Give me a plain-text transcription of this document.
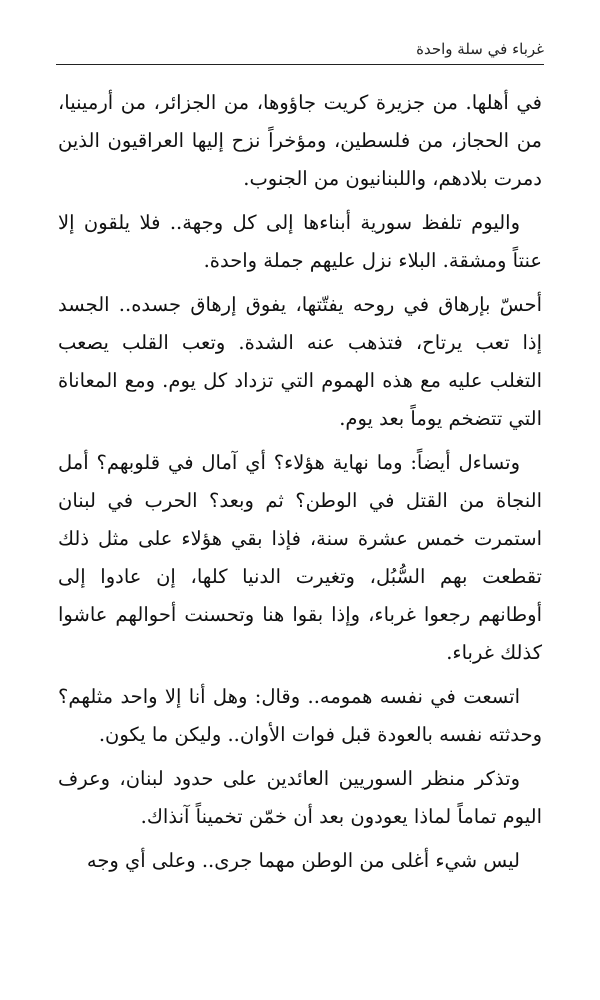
غرباء في سلة واحدة

في أهلها. من جزيرة كريت جاؤوها، من الجزائر، من أرمينيا، من الحجاز، من فلسطين، ومؤخراً نزح إليها العراقيون الذين دمرت بلادهم، واللبنانيون من الجنوب.

واليوم تلفظ سورية أبناءها إلى كل وجهة.. فلا يلقون إلا عنتاً ومشقة. البلاء نزل عليهم جملة واحدة.

أحسّ بإرهاق في روحه يفتّتها، يفوق إرهاق جسده.. الجسد إذا تعب يرتاح، فتذهب عنه الشدة. وتعب القلب يصعب التغلب عليه مع هذه الهموم التي تزداد كل يوم. ومع المعاناة التي تتضخم يوماً بعد يوم.

وتساءل أيضاً: وما نهاية هؤلاء؟ أي آمال في قلوبهم؟ أمل النجاة من القتل في الوطن؟ ثم وبعد؟ الحرب في لبنان استمرت خمس عشرة سنة، فإذا بقي هؤلاء على مثل ذلك تقطعت بهم السُّبُل، وتغيرت الدنيا كلها، إن عادوا إلى أوطانهم رجعوا غرباء، وإذا بقوا هنا وتحسنت أحوالهم عاشوا كذلك غرباء.

اتسعت في نفسه همومه.. وقال: وهل أنا إلا واحد مثلهم؟ وحدثته نفسه بالعودة قبل فوات الأوان.. وليكن ما يكون.

وتذكر منظر السوريين العائدين على حدود لبنان، وعرف اليوم تماماً لماذا يعودون بعد أن خمّن تخميناً آنذاك.

ليس شيء أغلى من الوطن مهما جرى.. وعلى أي وجه
